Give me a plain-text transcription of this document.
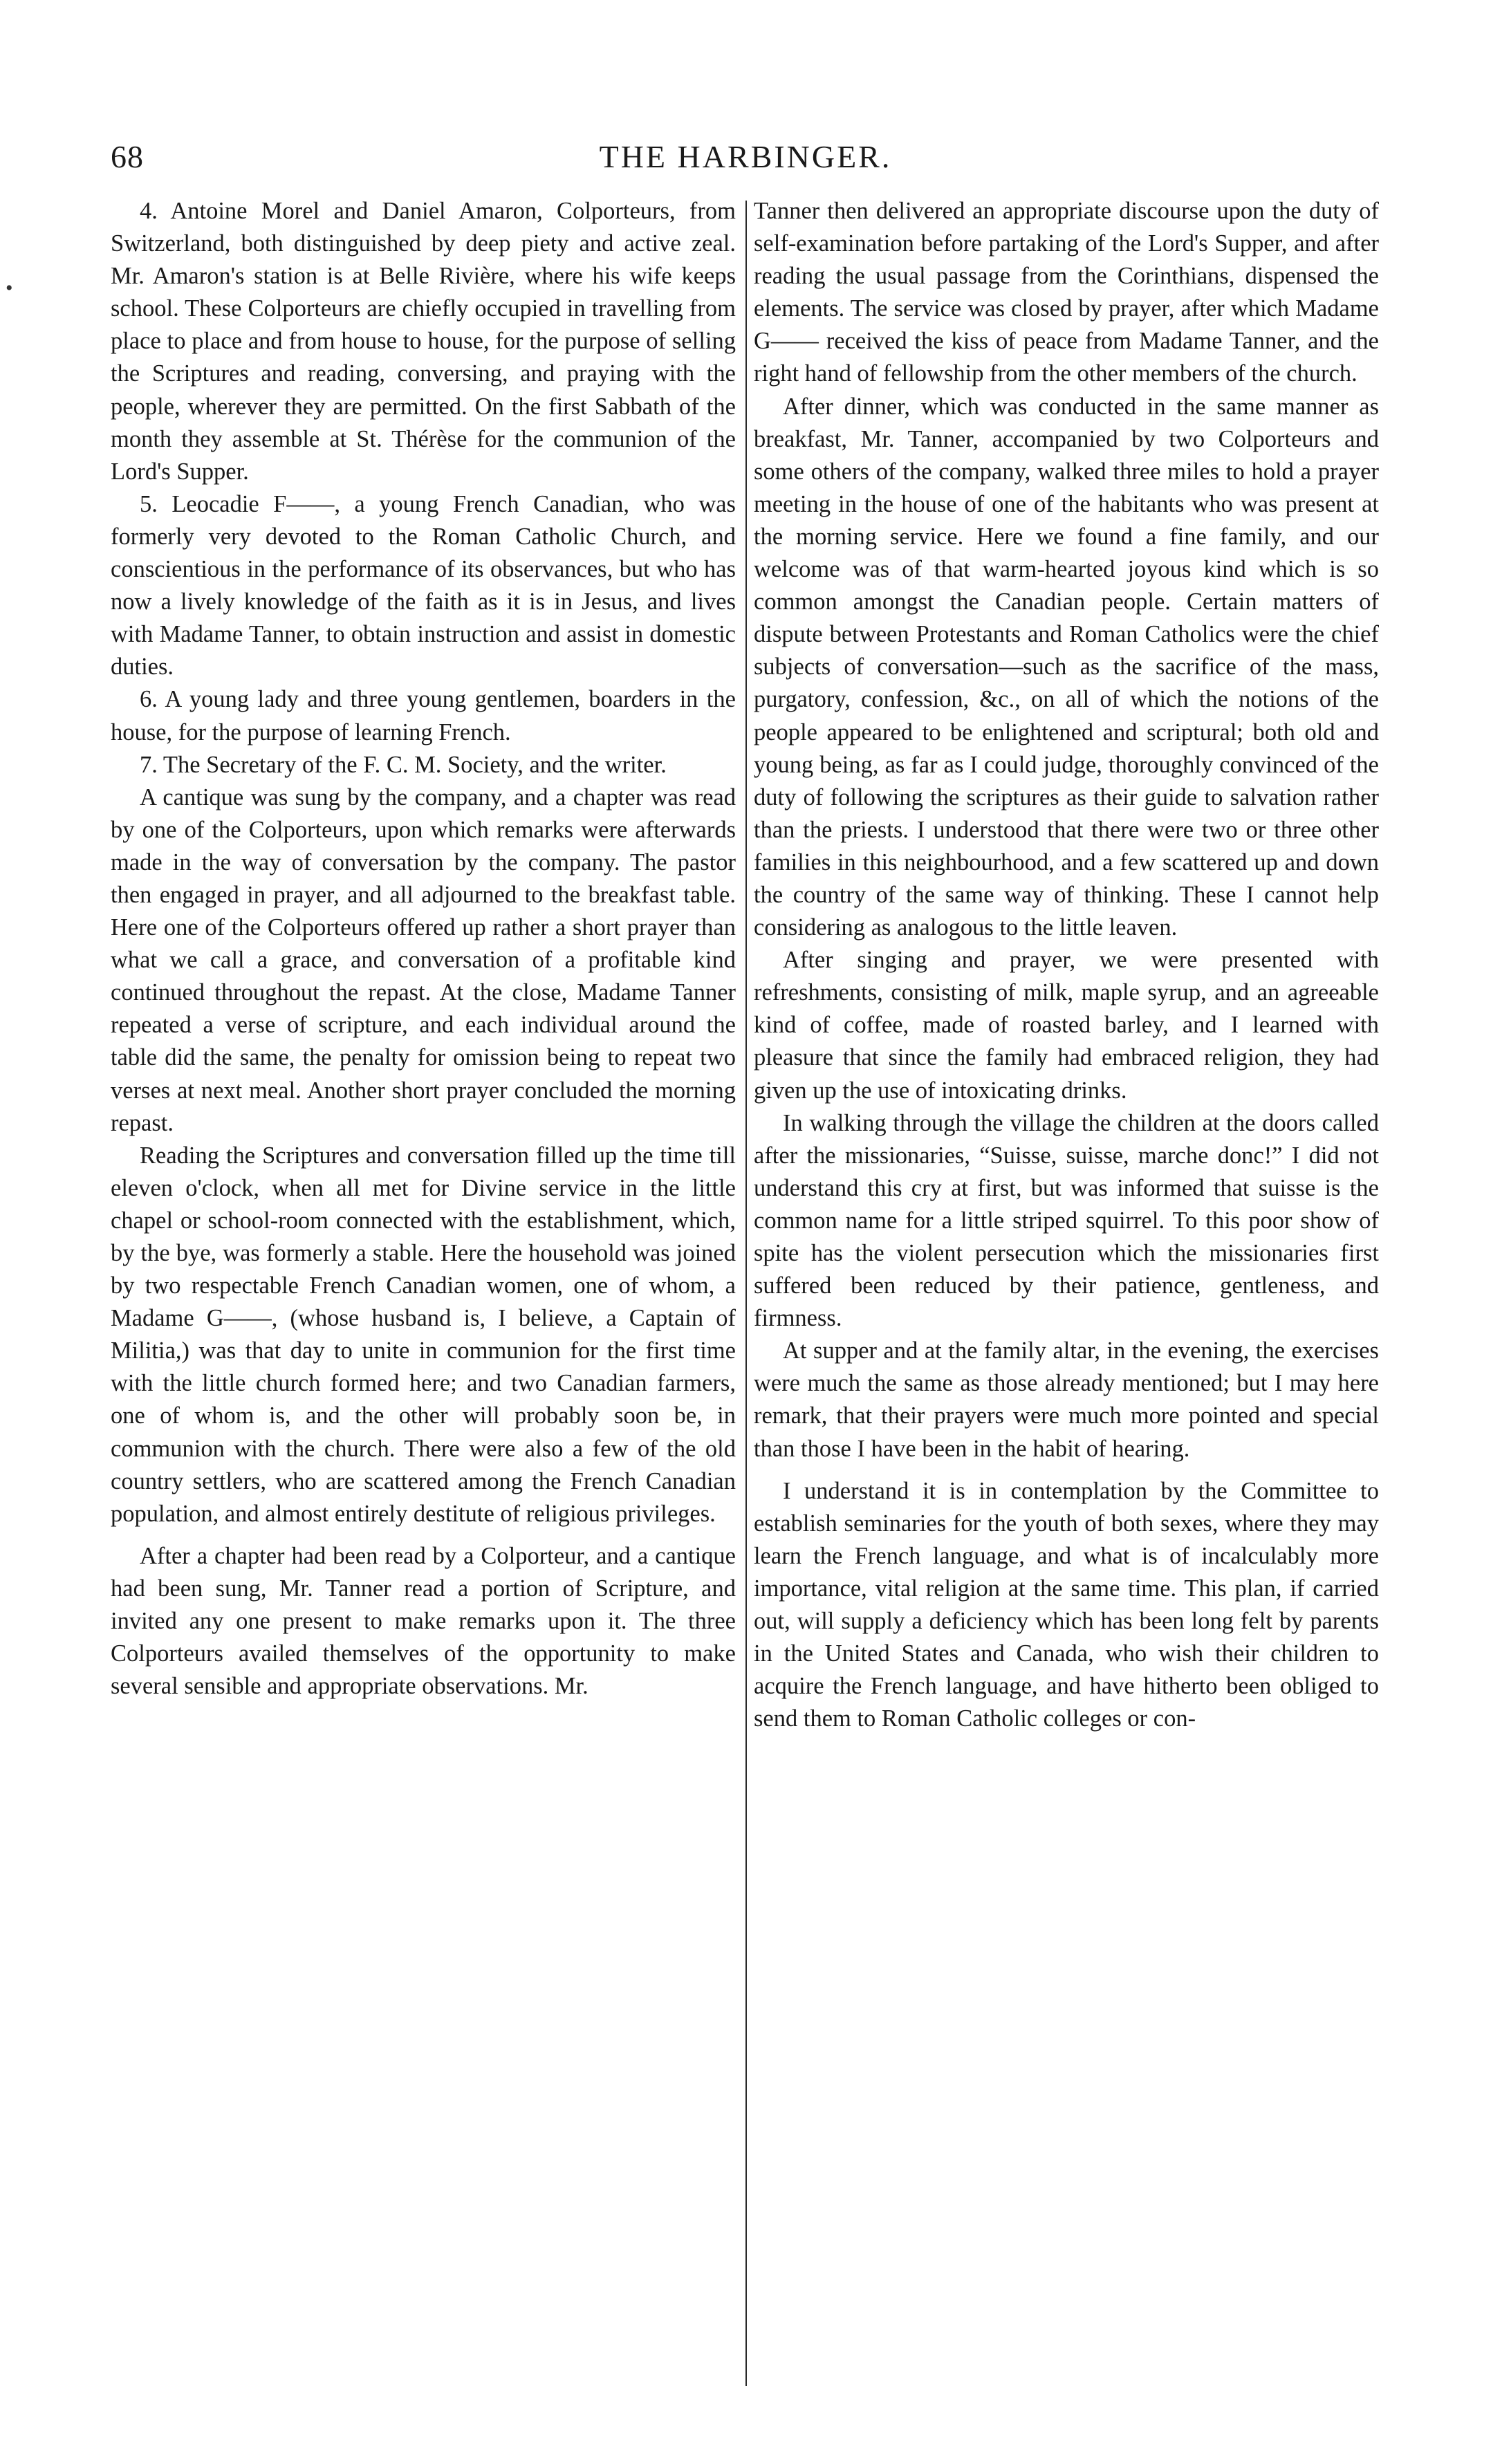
•
68	THE HARBINGER.

4. Antoine Morel and Daniel Amaron, Colporteurs, from Switzerland, both distinguished by deep piety and active zeal. Mr. Amaron's station is at Belle Rivière, where his wife keeps school. These Colporteurs are chiefly occupied in travelling from place to place and from house to house, for the purpose of selling the Scriptures and reading, conversing, and praying with the people, wherever they are permitted. On the first Sabbath of the month they assemble at St. Thérèse for the communion of the Lord's Supper.

5. Leocadie F——, a young French Canadian, who was formerly very devoted to the Roman Catholic Church, and conscientious in the performance of its observances, but who has now a lively knowledge of the faith as it is in Jesus, and lives with Madame Tanner, to obtain instruction and assist in domestic duties.

6. A young lady and three young gentlemen, boarders in the house, for the purpose of learning French.

7. The Secretary of the F. C. M. Society, and the writer.

A cantique was sung by the company, and a chapter was read by one of the Colporteurs, upon which remarks were afterwards made in the way of conversation by the company. The pastor then engaged in prayer, and all adjourned to the breakfast table. Here one of the Colporteurs offered up rather a short prayer than what we call a grace, and conversation of a profitable kind continued throughout the repast. At the close, Madame Tanner repeated a verse of scripture, and each individual around the table did the same, the penalty for omission being to repeat two verses at next meal. Another short prayer concluded the morning repast.

Reading the Scriptures and conversation filled up the time till eleven o'clock, when all met for Divine service in the little chapel or school-room connected with the establishment, which, by the bye, was formerly a stable. Here the household was joined by two respectable French Canadian women, one of whom, a Madame G——, (whose husband is, I believe, a Captain of Militia,) was that day to unite in communion for the first time with the little church formed here; and two Canadian farmers, one of whom is, and the other will probably soon be, in communion with the church. There were also a few of the old country settlers, who are scattered among the French Canadian population, and almost entirely destitute of religious privileges.

After a chapter had been read by a Colporteur, and a cantique had been sung, Mr. Tanner read a portion of Scripture, and invited any one present to make remarks upon it. The three Colporteurs availed themselves of the opportunity to make several sensible and appropriate observations. Mr.

Tanner then delivered an appropriate discourse upon the duty of self-examination before partaking of the Lord's Supper, and after reading the usual passage from the Corinthians, dispensed the elements. The service was closed by prayer, after which Madame G—— received the kiss of peace from Madame Tanner, and the right hand of fellowship from the other members of the church.

After dinner, which was conducted in the same manner as breakfast, Mr. Tanner, accompanied by two Colporteurs and some others of the company, walked three miles to hold a prayer meeting in the house of one of the habitants who was present at the morning service. Here we found a fine family, and our welcome was of that warm-hearted joyous kind which is so common amongst the Canadian people. Certain matters of dispute between Protestants and Roman Catholics were the chief subjects of conversation—such as the sacrifice of the mass, purgatory, confession, &c., on all of which the notions of the people appeared to be enlightened and scriptural; both old and young being, as far as I could judge, thoroughly convinced of the duty of following the scriptures as their guide to salvation rather than the priests. I understood that there were two or three other families in this neighbourhood, and a few scattered up and down the country of the same way of thinking. These I cannot help considering as analogous to the little leaven.

After singing and prayer, we were presented with refreshments, consisting of milk, maple syrup, and an agreeable kind of coffee, made of roasted barley, and I learned with pleasure that since the family had embraced religion, they had given up the use of intoxicating drinks.

In walking through the village the children at the doors called after the missionaries, “Suisse, suisse, marche donc!” I did not understand this cry at first, but was informed that suisse is the common name for a little striped squirrel. To this poor show of spite has the violent persecution which the missionaries first suffered been reduced by their patience, gentleness, and firmness.

At supper and at the family altar, in the evening, the exercises were much the same as those already mentioned; but I may here remark, that their prayers were much more pointed and special than those I have been in the habit of hearing.

I understand it is in contemplation by the Committee to establish seminaries for the youth of both sexes, where they may learn the French language, and what is of incalculably more importance, vital religion at the same time. This plan, if carried out, will supply a deficiency which has been long felt by parents in the United States and Canada, who wish their children to acquire the French language, and have hitherto been obliged to send them to Roman Catholic colleges or con-
